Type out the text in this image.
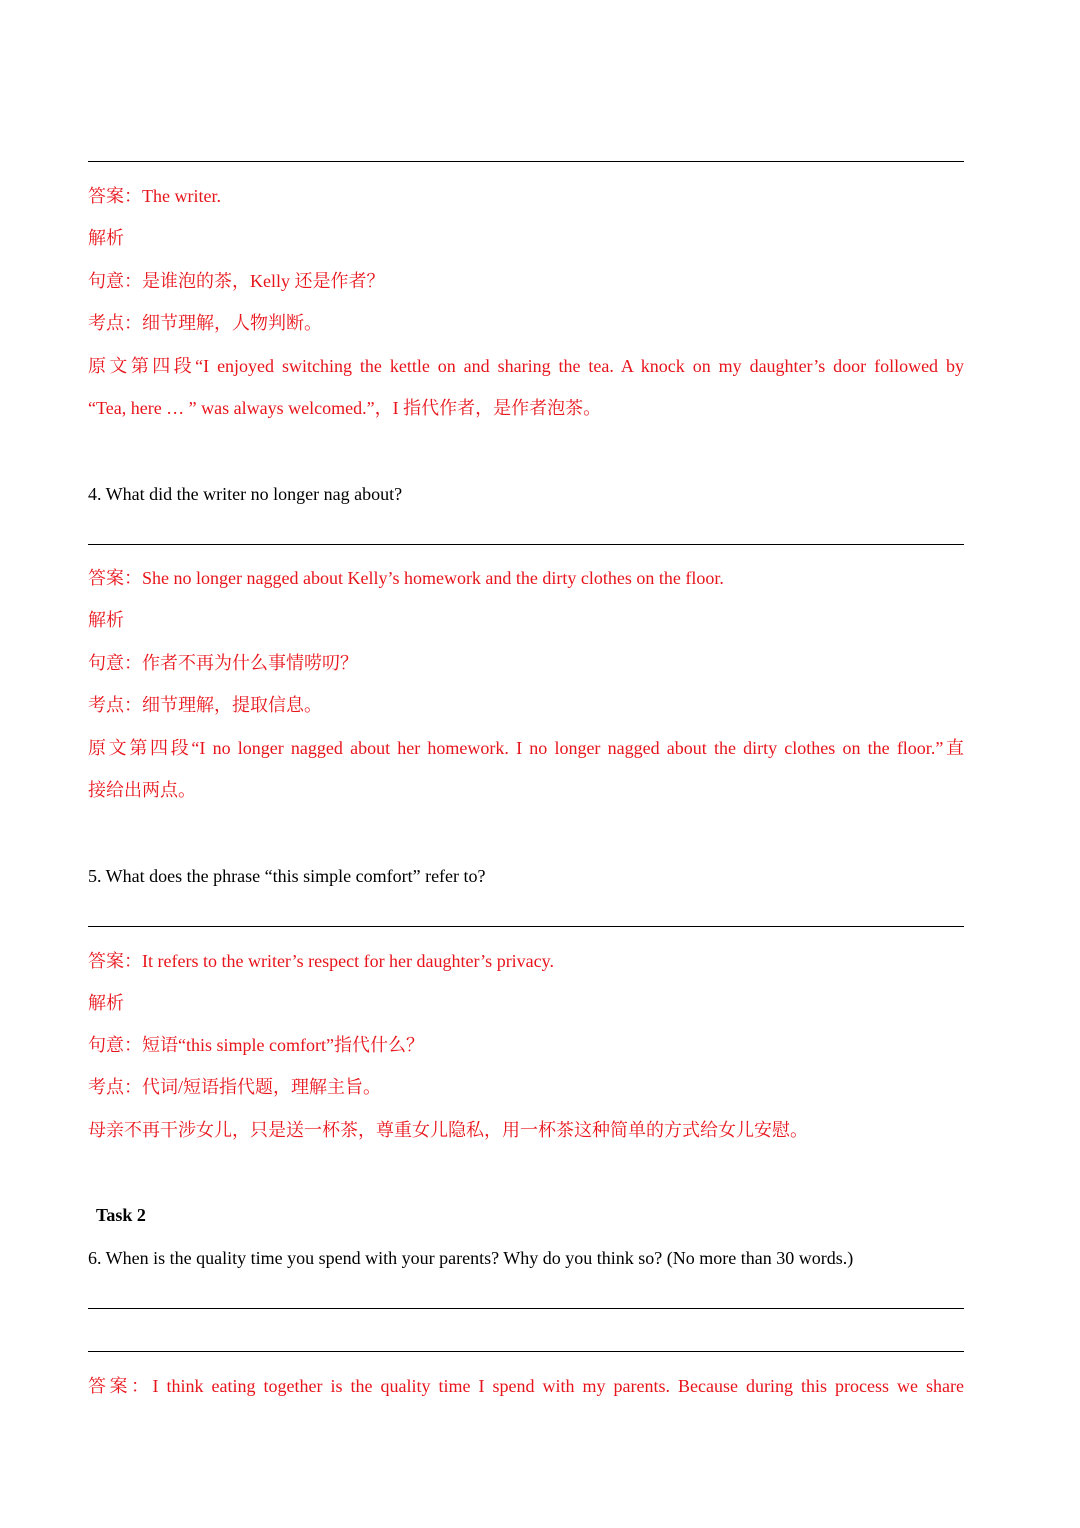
答案：The writer.
解析
句意：是谁泡的茶，Kelly 还是作者？
考点：细节理解，人物判断。
原文第四段“I enjoyed switching the kettle on and sharing the tea. A knock on my daughter’s door followed by
“Tea, here … ” was always welcomed.”，I 指代作者，是作者泡茶。
4. What did the writer no longer nag about?
答案：She no longer nagged about Kelly’s homework and the dirty clothes on the floor.
解析
句意：作者不再为什么事情唠叨？
考点：细节理解，提取信息。
原文第四段“I no longer nagged about her homework. I no longer nagged about the dirty clothes on the floor.”直
接给出两点。
5. What does the phrase “this simple comfort” refer to?
答案：It refers to the writer’s respect for her daughter’s privacy.
解析
句意：短语“this simple comfort”指代什么？
考点：代词/短语指代题，理解主旨。
母亲不再干涉女儿，只是送一杯茶，尊重女儿隐私，用一杯茶这种简单的方式给女儿安慰。
Task 2
6. When is the quality time you spend with your parents? Why do you think so? (No more than 30 words.)
答案：I think eating together is the quality time I spend with my parents. Because during this process we share
